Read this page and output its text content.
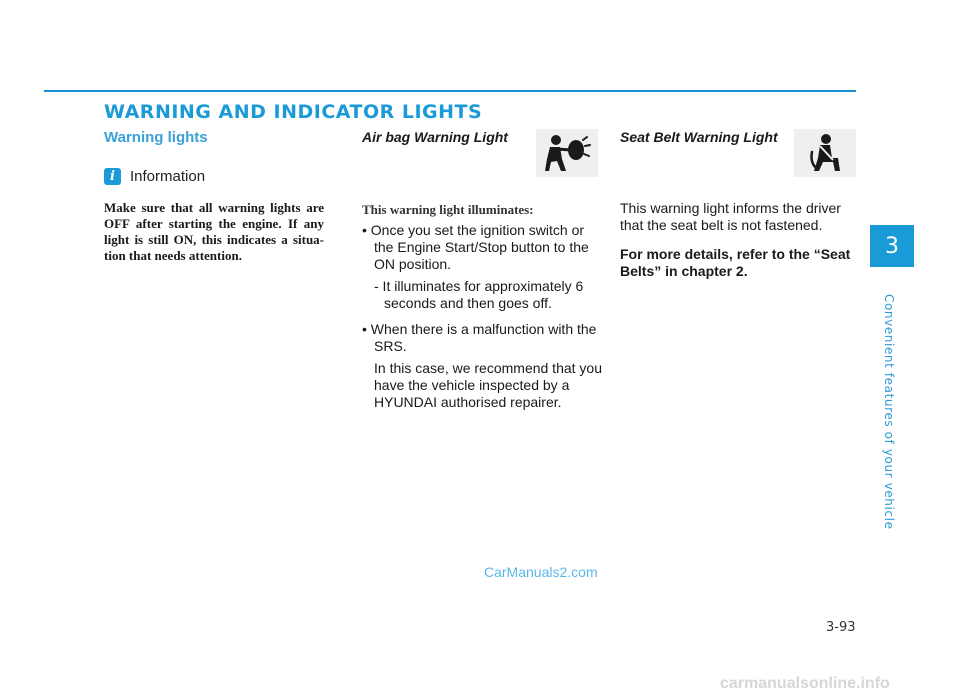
WARNING AND INDICATOR LIGHTS
Warning lights
i	Information
Make sure that all warning lights are OFF after starting the engine. If any light is still ON, this indicates a situa-tion that needs attention.
Air bag Warning Light
This warning light illuminates:

• Once you set the ignition switch or the Engine Start/Stop button to the ON position.

- It illuminates for approximately 6 seconds and then goes off.

• When there is a malfunction with the SRS.

In this case, we recommend that you have the vehicle inspected by a HYUNDAI authorised repairer.

Seat Belt Warning Light

This warning light informs the driver that the seat belt is not fastened.

For more details, refer to the “Seat Belts” in chapter 2.

3
Convenient features of your vehicle
3-93
CarManuals2.com
carmanualsonline.info
